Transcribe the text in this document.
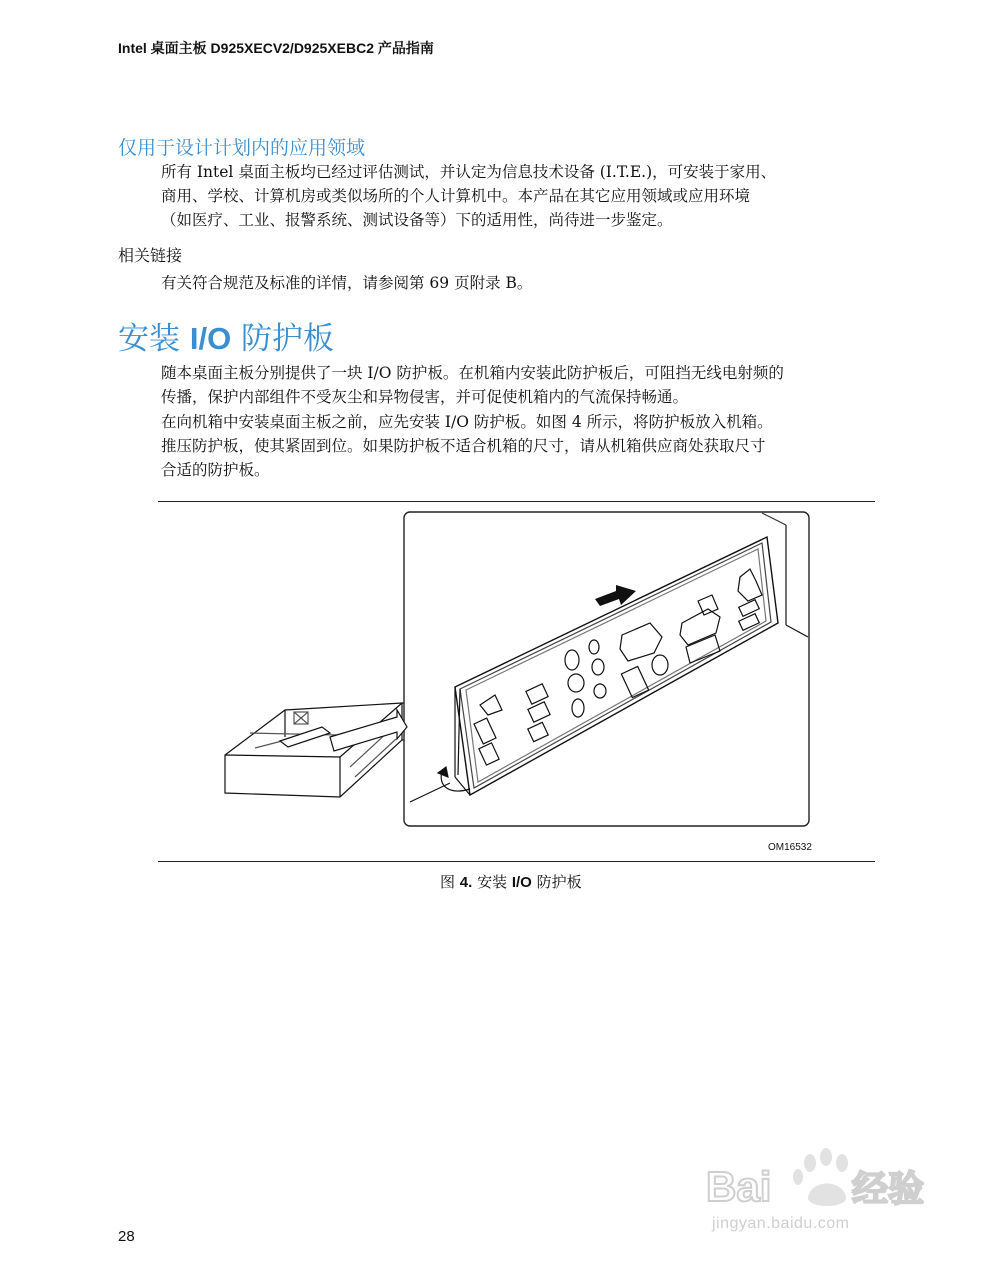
Intel 桌面主板 D925XECV2/D925XEBC2 产品指南
仅用于设计计划内的应用领域
所有 Intel 桌面主板均已经过评估测试，并认定为信息技术设备 (I.T.E.)，可安装于家用、
商用、学校、计算机房或类似场所的个人计算机中。本产品在其它应用领域或应用环境
（如医疗、工业、报警系统、测试设备等）下的适用性，尚待进一步鉴定。
相关链接
有关符合规范及标准的详情，请参阅第 69 页附录 B。
安装 I/O 防护板
随本桌面主板分别提供了一块 I/O 防护板。在机箱内安装此防护板后，可阻挡无线电射频的
传播，保护内部组件不受灰尘和异物侵害，并可促使机箱内的气流保持畅通。
在向机箱中安装桌面主板之前，应先安装 I/O 防护板。如图 4 所示，将防护板放入机箱。
推压防护板，使其紧固到位。如果防护板不适合机箱的尺寸，请从机箱供应商处获取尺寸
合适的防护板。
OM16532
图 4. 安装 I/O 防护板
Bai 经验
jingyan.baidu.com
28
